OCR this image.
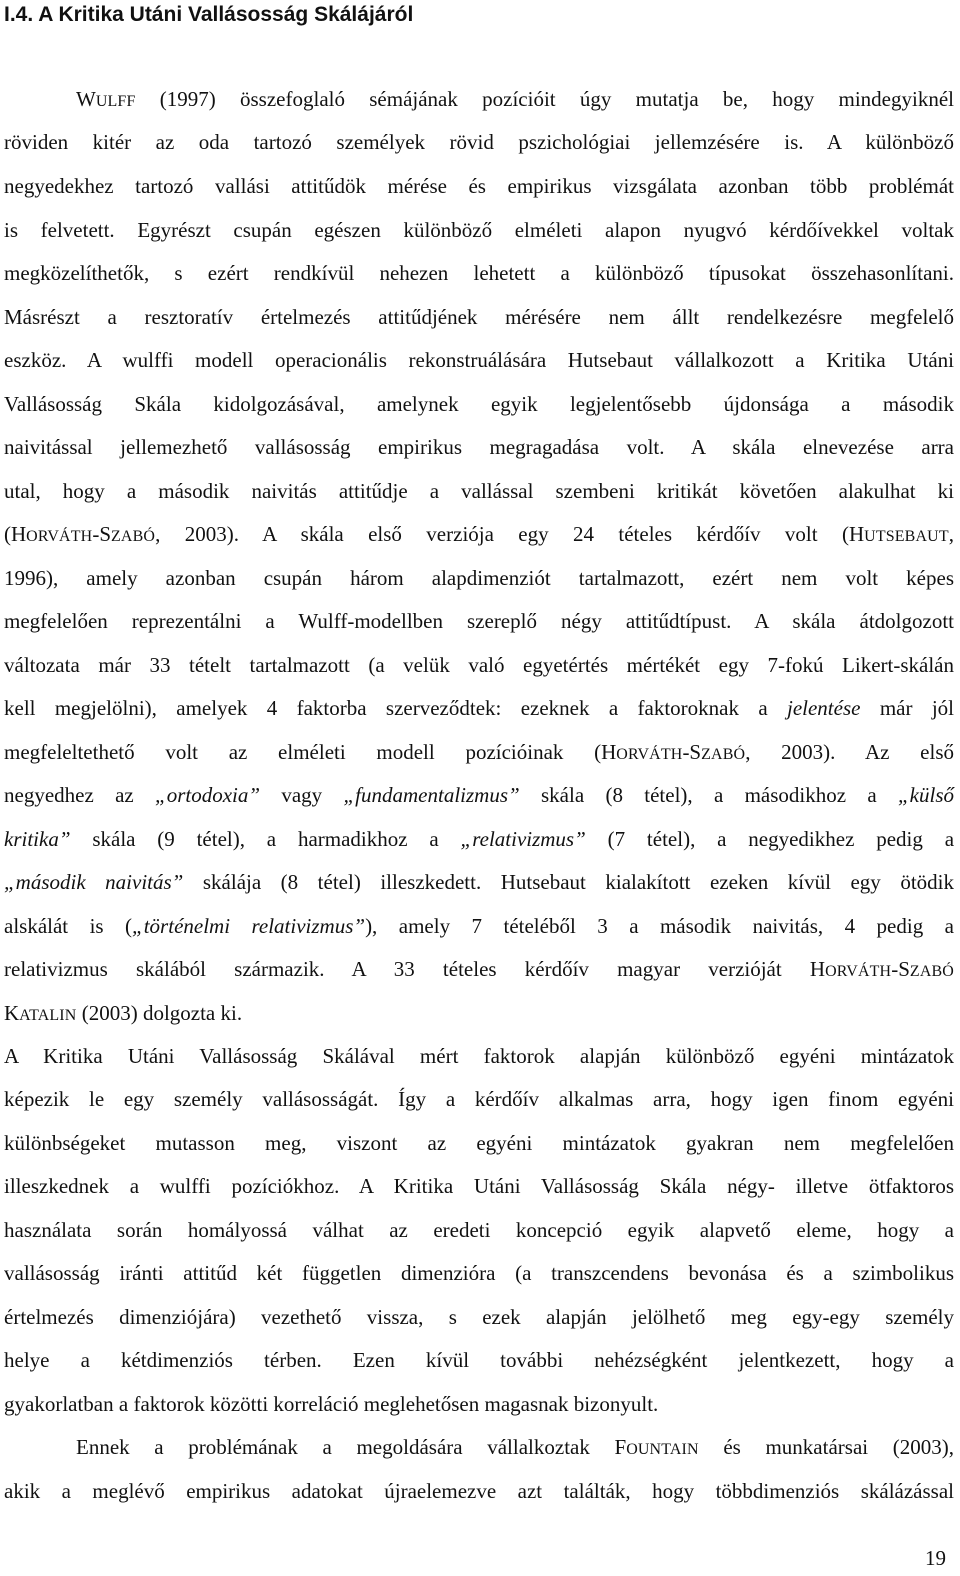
I.4. A Kritika Utáni Vallásosság Skálájáról
WULFF (1997) összefoglaló sémájának pozícióit úgy mutatja be, hogy mindegyiknél
röviden kitér az oda tartozó személyek rövid pszichológiai jellemzésére is. A különböző
negyedekhez tartozó vallási attitűdök mérése és empirikus vizsgálata azonban több problémát
is felvetett. Egyrészt csupán egészen különböző elméleti alapon nyugvó kérdőívekkel voltak
megközelíthetők, s ezért rendkívül nehezen lehetett a különböző típusokat összehasonlítani.
Másrészt a resztoratív értelmezés attitűdjének mérésére nem állt rendelkezésre megfelelő
eszköz. A wulffi modell operacionális rekonstruálására Hutsebaut vállalkozott a Kritika Utáni
Vallásosság Skála kidolgozásával, amelynek egyik legjelentősebb újdonsága a második
naivitással jellemezhető vallásosság empirikus megragadása volt. A skála elnevezése arra
utal, hogy a második naivitás attitűdje a vallással szembeni kritikát követően alakulhat ki
(HORVÁTH-SZABÓ, 2003). A skála első verziója egy 24 tételes kérdőív volt (HUTSEBAUT,
1996), amely azonban csupán három alapdimenziót tartalmazott, ezért nem volt képes
megfelelően reprezentálni a Wulff-modellben szereplő négy attitűdtípust. A skála átdolgozott
változata már 33 tételt tartalmazott (a velük való egyetértés mértékét egy 7-fokú Likert-skálán
kell megjelölni), amelyek 4 faktorba szerveződtek: ezeknek a faktoroknak a jelentése már jól
megfeleltethető volt az elméleti modell pozícióinak (HORVÁTH-SZABÓ, 2003). Az első
negyedhez az „ortodoxia” vagy „fundamentalizmus” skála (8 tétel), a másodikhoz a „külső
kritika” skála (9 tétel), a harmadikhoz a „relativizmus” (7 tétel), a negyedikhez pedig a
„második naivitás” skálája (8 tétel) illeszkedett. Hutsebaut kialakított ezeken kívül egy ötödik
alskálát is („történelmi relativizmus”), amely 7 tételéből 3 a második naivitás, 4 pedig a
relativizmus skálából származik. A 33 tételes kérdőív magyar verzióját HORVÁTH-SZABÓ
KATALIN (2003) dolgozta ki.
A Kritika Utáni Vallásosság Skálával mért faktorok alapján különböző egyéni mintázatok
képezik le egy személy vallásosságát. Így a kérdőív alkalmas arra, hogy igen finom egyéni
különbségeket mutasson meg, viszont az egyéni mintázatok gyakran nem megfelelően
illeszkednek a wulffi pozíciókhoz. A Kritika Utáni Vallásosság Skála négy- illetve ötfaktoros
használata során homályossá válhat az eredeti koncepció egyik alapvető eleme, hogy a
vallásosság iránti attitűd két független dimenzióra (a transzcendens bevonása és a szimbolikus
értelmezés dimenziójára) vezethető vissza, s ezek alapján jelölhető meg egy-egy személy
helye a kétdimenziós térben. Ezen kívül további nehézségként jelentkezett, hogy a
gyakorlatban a faktorok közötti korreláció meglehetősen magasnak bizonyult.
Ennek a problémának a megoldására vállalkoztak FOUNTAIN és munkatársai (2003),
akik a meglévő empirikus adatokat újraelemezve azt találták, hogy többdimenziós skálázással
19
